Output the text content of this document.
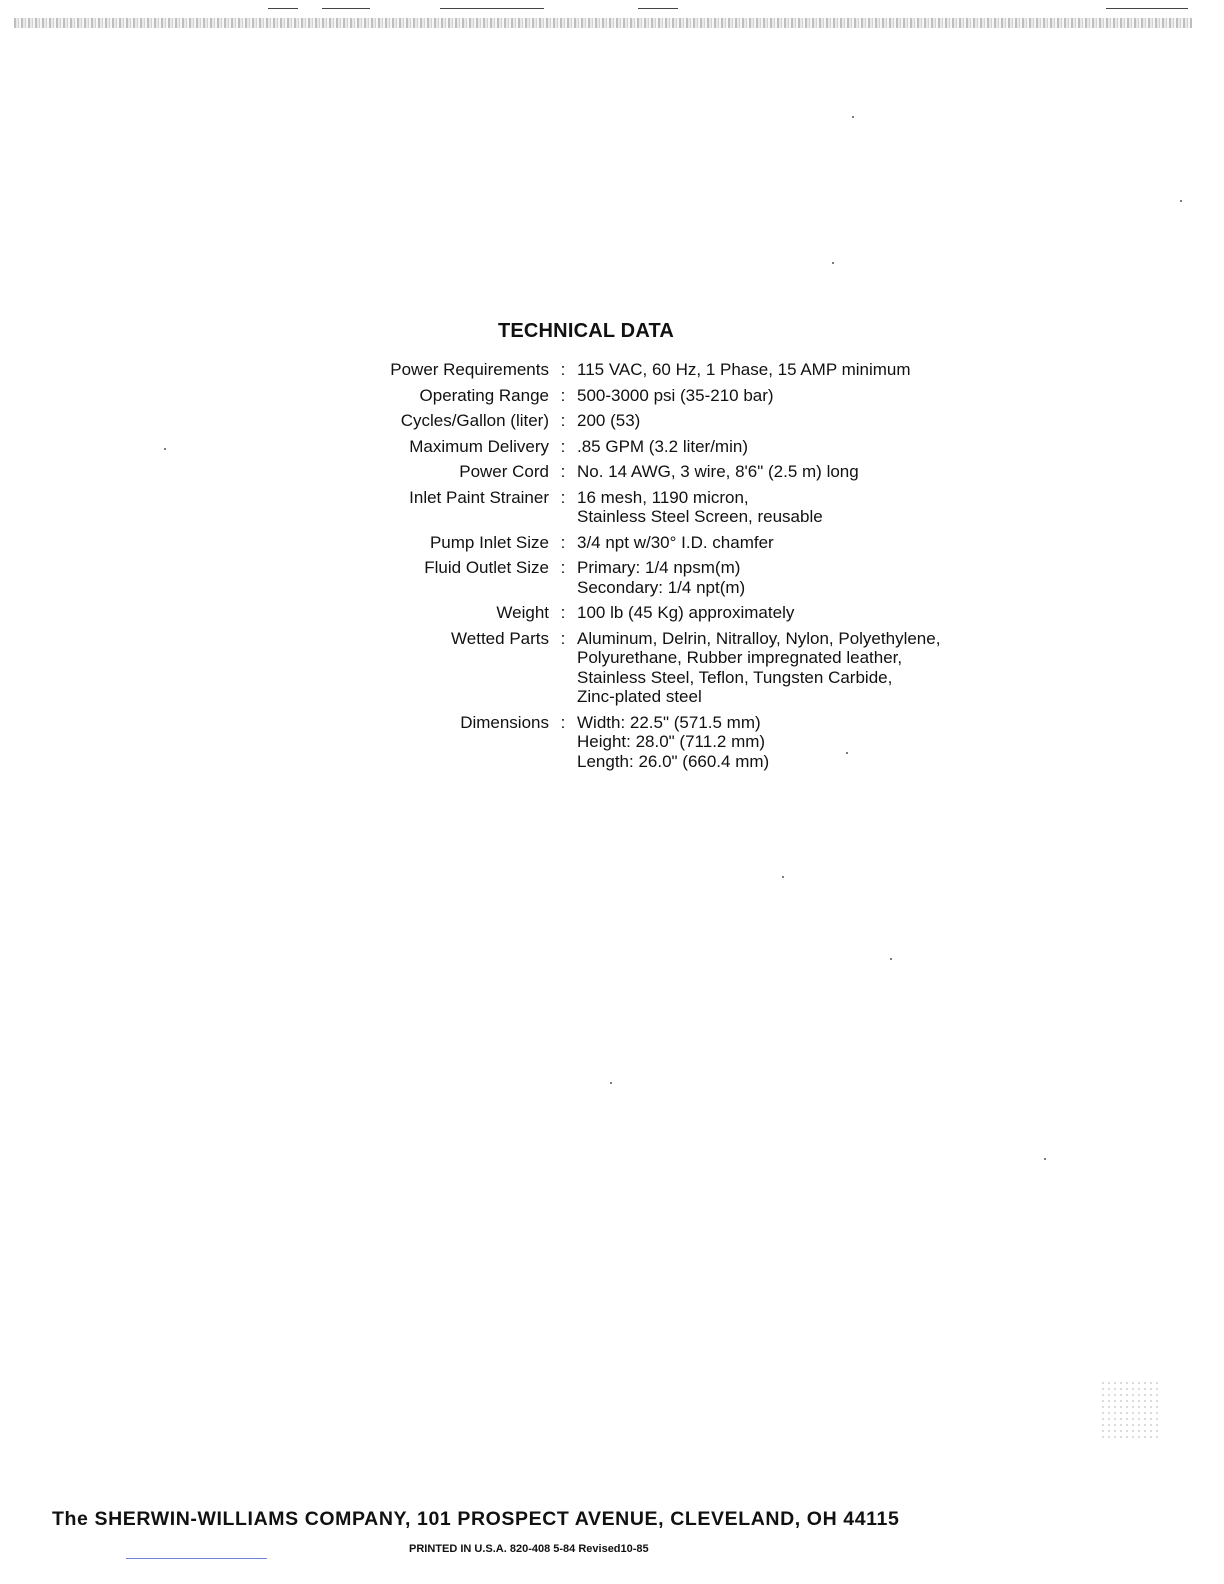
TECHNICAL DATA
Power Requirements : 115 VAC, 60 Hz, 1 Phase, 15 AMP minimum
Operating Range : 500-3000 psi (35-210 bar)
Cycles/Gallon (liter) : 200 (53)
Maximum Delivery : .85 GPM (3.2 liter/min)
Power Cord : No. 14 AWG, 3 wire, 8'6" (2.5 m) long
Inlet Paint Strainer : 16 mesh, 1190 micron,
Stainless Steel Screen, reusable
Pump Inlet Size : 3/4 npt w/30° I.D. chamfer
Fluid Outlet Size : Primary: 1/4 npsm(m)
Secondary: 1/4 npt(m)
Weight : 100 lb (45 Kg) approximately
Wetted Parts : Aluminum, Delrin, Nitralloy, Nylon, Polyethylene,
Polyurethane, Rubber impregnated leather,
Stainless Steel, Teflon, Tungsten Carbide,
Zinc-plated steel
Dimensions : Width: 22.5" (571.5 mm)
Height: 28.0" (711.2 mm)
Length: 26.0" (660.4 mm)
The SHERWIN-WILLIAMS COMPANY, 101 PROSPECT AVENUE, CLEVELAND, OH 44115
PRINTED IN U.S.A. 820-408 5-84 Revised10-85
